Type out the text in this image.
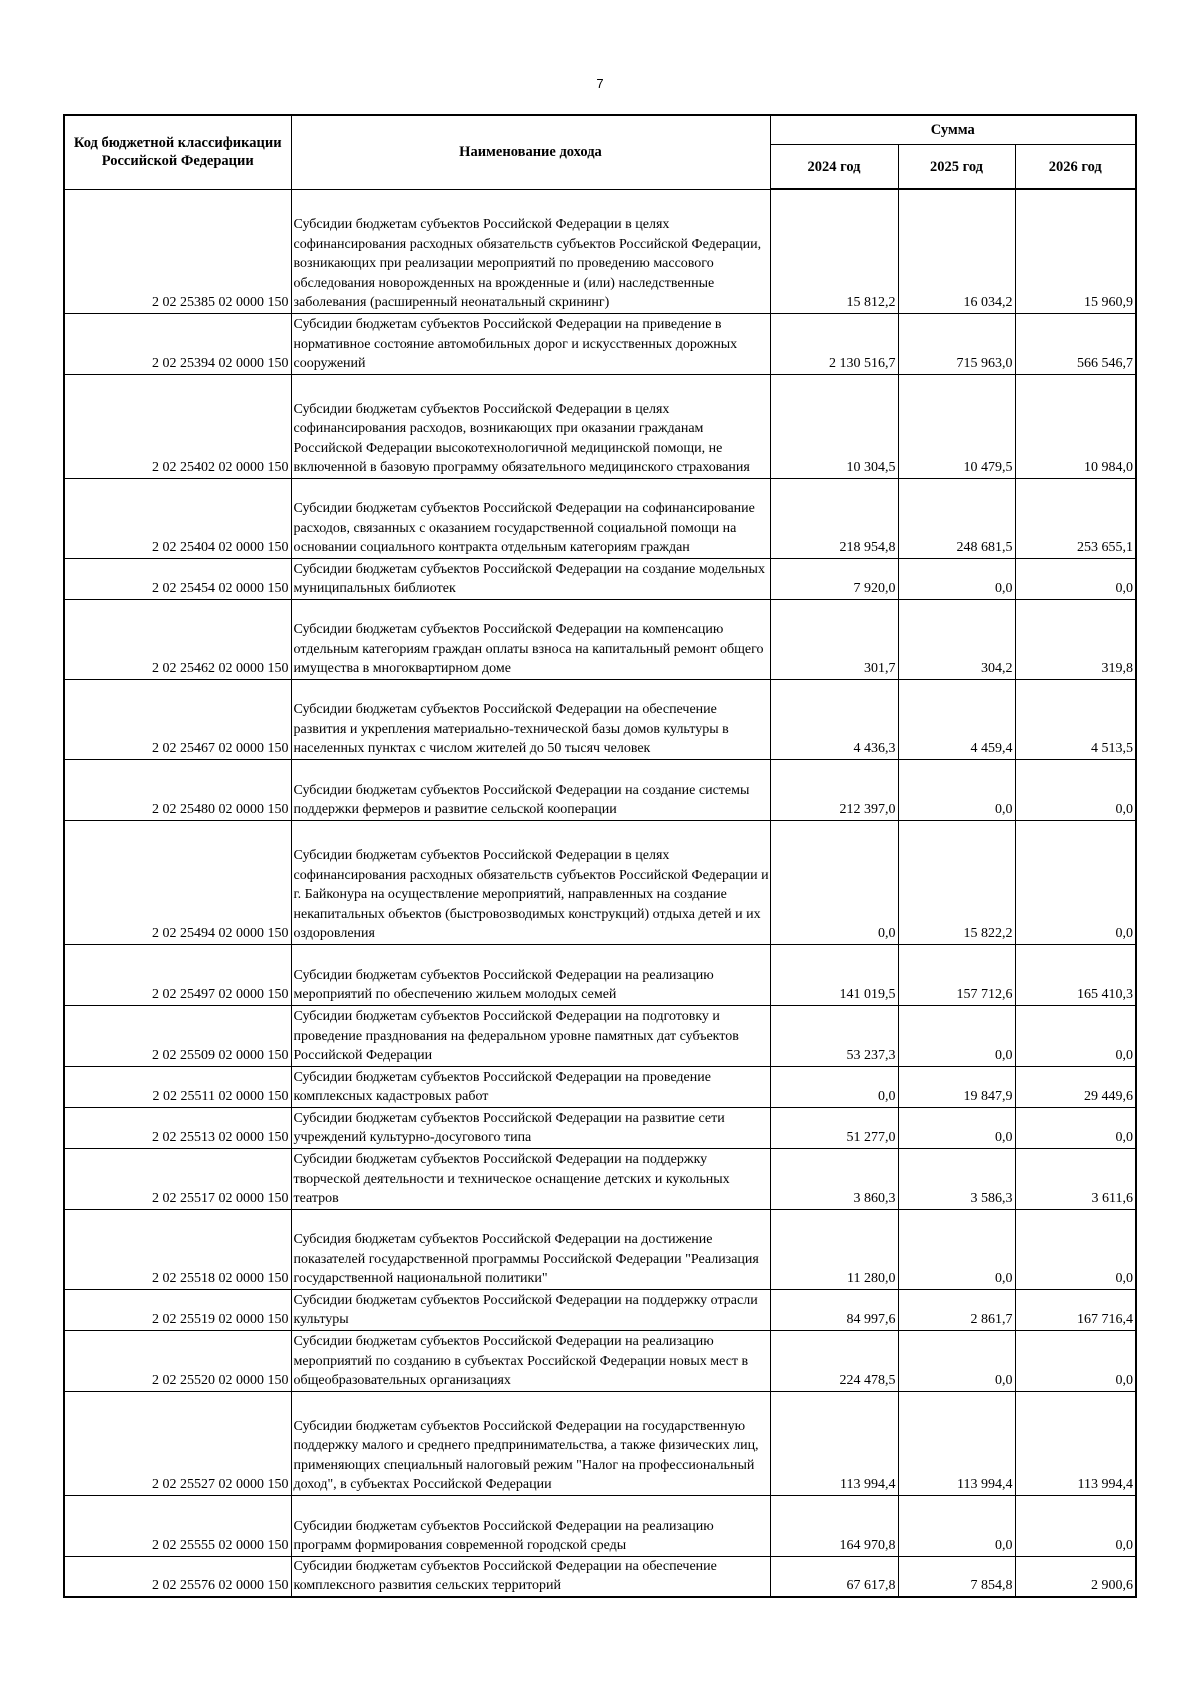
7
Код бюджетной классификации Российской Федерации	Наименование дохода	Сумма		
		2024 год	2025 год	2026 год
2 02 25385 02 0000 150	Субсидии бюджетам субъектов Российской Федерации в целях софинансирования расходных обязательств субъектов Российской Федерации, возникающих при реализации мероприятий по проведению массового обследования новорожденных на врожденные и (или) наследственные заболевания (расширенный неонатальный скрининг)	15 812,2	16 034,2	15 960,9
2 02 25394 02 0000 150	Субсидии бюджетам субъектов Российской Федерации на приведение в нормативное состояние автомобильных дорог и искусственных дорожных сооружений	2 130 516,7	715 963,0	566 546,7
2 02 25402 02 0000 150	Субсидии бюджетам субъектов Российской Федерации в целях софинансирования расходов, возникающих при оказании гражданам Российской Федерации высокотехнологичной медицинской помощи, не включенной в базовую программу обязательного медицинского страхования	10 304,5	10 479,5	10 984,0
2 02 25404 02 0000 150	Субсидии бюджетам субъектов Российской Федерации на софинансирование расходов, связанных с оказанием государственной социальной помощи на основании социального контракта отдельным категориям граждан	218 954,8	248 681,5	253 655,1
2 02 25454 02 0000 150	Субсидии бюджетам субъектов Российской Федерации на создание модельных муниципальных библиотек	7 920,0	0,0	0,0
2 02 25462 02 0000 150	Субсидии бюджетам субъектов Российской Федерации на компенсацию отдельным категориям граждан оплаты взноса на капитальный ремонт общего имущества в многоквартирном доме	301,7	304,2	319,8
2 02 25467 02 0000 150	Субсидии бюджетам субъектов Российской Федерации на обеспечение развития и укрепления материально-технической базы домов культуры в населенных пунктах с числом жителей до 50 тысяч человек	4 436,3	4 459,4	4 513,5
2 02 25480 02 0000 150	Субсидии бюджетам субъектов Российской Федерации на создание системы поддержки фермеров и развитие сельской кооперации	212 397,0	0,0	0,0
2 02 25494 02 0000 150	Субсидии бюджетам субъектов Российской Федерации в целях софинансирования расходных обязательств субъектов Российской Федерации и г. Байконура на осуществление мероприятий, направленных на создание некапитальных объектов (быстровозводимых конструкций) отдыха детей и их оздоровления	0,0	15 822,2	0,0
2 02 25497 02 0000 150	Субсидии бюджетам субъектов Российской Федерации на реализацию мероприятий по обеспечению жильем молодых семей	141 019,5	157 712,6	165 410,3
2 02 25509 02 0000 150	Субсидии бюджетам субъектов Российской Федерации на подготовку и проведение празднования на федеральном уровне памятных дат субъектов Российской Федерации	53 237,3	0,0	0,0
2 02 25511 02 0000 150	Субсидии бюджетам субъектов Российской Федерации на проведение комплексных кадастровых работ	0,0	19 847,9	29 449,6
2 02 25513 02 0000 150	Субсидии бюджетам субъектов Российской Федерации на развитие сети учреждений культурно-досугового типа	51 277,0	0,0	0,0
2 02 25517 02 0000 150	Субсидии бюджетам субъектов Российской Федерации на поддержку творческой деятельности и техническое оснащение детских и кукольных театров	3 860,3	3 586,3	3 611,6
2 02 25518 02 0000 150	Субсидия бюджетам субъектов Российской Федерации на достижение показателей государственной программы Российской Федерации "Реализация государственной национальной политики"	11 280,0	0,0	0,0
2 02 25519 02 0000 150	Субсидии бюджетам субъектов Российской Федерации на поддержку отрасли культуры	84 997,6	2 861,7	167 716,4
2 02 25520 02 0000 150	Субсидии бюджетам субъектов Российской Федерации на реализацию мероприятий по созданию в субъектах Российской Федерации новых мест в общеобразовательных организациях	224 478,5	0,0	0,0
2 02 25527 02 0000 150	Субсидии бюджетам субъектов Российской Федерации на государственную поддержку малого и среднего предпринимательства, а также физических лиц, применяющих специальный налоговый режим "Налог на профессиональный доход", в субъектах Российской Федерации	113 994,4	113 994,4	113 994,4
2 02 25555 02 0000 150	Субсидии бюджетам субъектов Российской Федерации на реализацию программ формирования современной городской среды	164 970,8	0,0	0,0
2 02 25576 02 0000 150	Субсидии бюджетам субъектов Российской Федерации на обеспечение комплексного развития сельских территорий	67 617,8	7 854,8	2 900,6
